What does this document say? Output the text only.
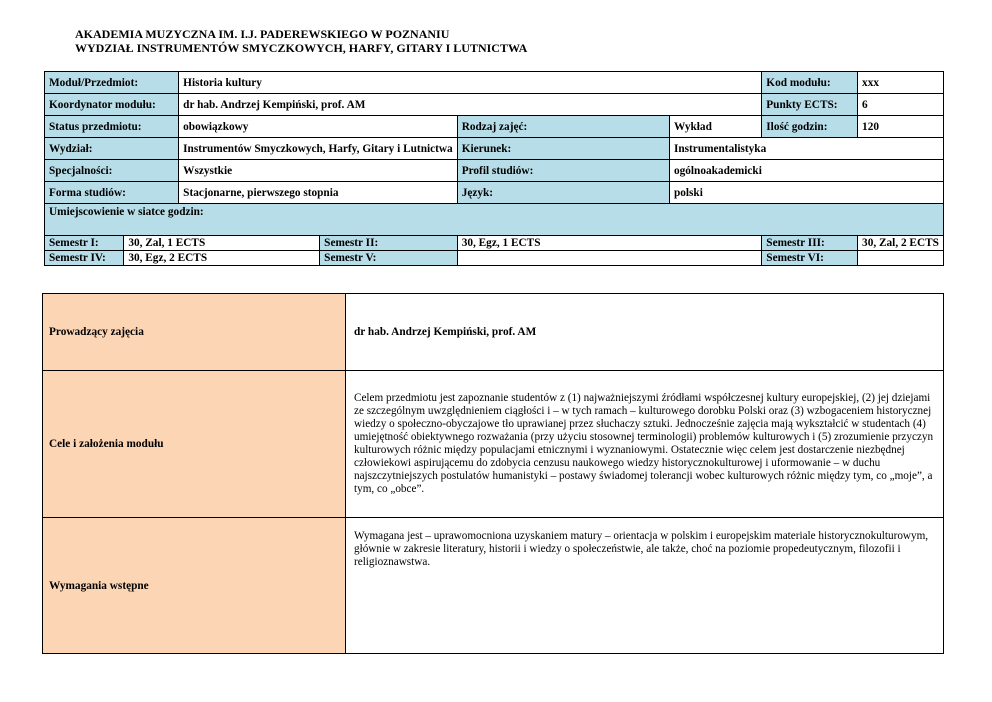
AKADEMIA MUZYCZNA IM. I.J. PADEREWSKIEGO W POZNANIU
WYDZIAŁ INSTRUMENTÓW SMYCZKOWYCH, HARFY, GITARY I LUTNICTWA
Moduł/Przedmiot:		Historia kultury				Kod modułu:	xxx
Koordynator modułu:		dr hab. Andrzej Kempiński, prof. AM				Punkty ECTS:	6
Status przedmiotu:		obowiązkowy		Rodzaj zajęć:	Wykład	Ilość godzin:	120
Wydział:		Instrumentów Smyczkowych, Harfy, Gitary i Lutnictwa		Kierunek:	Instrumentalistyka		
Specjalności:		Wszystkie		Profil studiów:	ogólnoakademicki		
Forma studiów:		Stacjonarne, pierwszego stopnia		Język:	polski		
Umiejscowienie w siatce godzin:							
Semestr I:	30, Zal, 1 ECTS		Semestr II:	30, Egz, 1 ECTS		Semestr III:	30, Zal, 2 ECTS
Semestr IV:	30, Egz, 2 ECTS		Semestr V:			Semestr VI:	
Prowadzący zajęcia	dr hab. Andrzej Kempiński, prof. AM
Cele i założenia modułu	Celem przedmiotu jest zapoznanie studentów z (1) najważniejszymi źródłami współczesnej kultury europejskiej, (2) jej dziejami ze szczególnym uwzględnieniem ciągłości i – w tych ramach – kulturowego dorobku Polski oraz (3) wzbogaceniem historycznej wiedzy o społeczno-obyczajowe tło uprawianej przez słuchaczy sztuki. Jednocześnie zajęcia mają wykształcić w studentach (4) umiejętność obiektywnego rozważania (przy użyciu stosownej terminologii) problemów kulturowych i (5) zrozumienie przyczyn kulturowych różnic między populacjami etnicznymi i wyznaniowymi. Ostatecznie więc celem jest dostarczenie niezbędnej człowiekowi aspirującemu do zdobycia cenzusu naukowego wiedzy historycznokulturowej i uformowanie – w duchu najszczytniejszych postulatów humanistyki – postawy świadomej tolerancji wobec kulturowych różnic między tym, co „moje”, a tym, co „obce”.
Wymagania wstępne	Wymagana jest – uprawomocniona uzyskaniem matury – orientacja w polskim i europejskim materiale historycznokulturowym, głównie w zakresie literatury, historii i wiedzy o społeczeństwie, ale także, choć na poziomie propedeutycznym, filozofii i religioznawstwa.
